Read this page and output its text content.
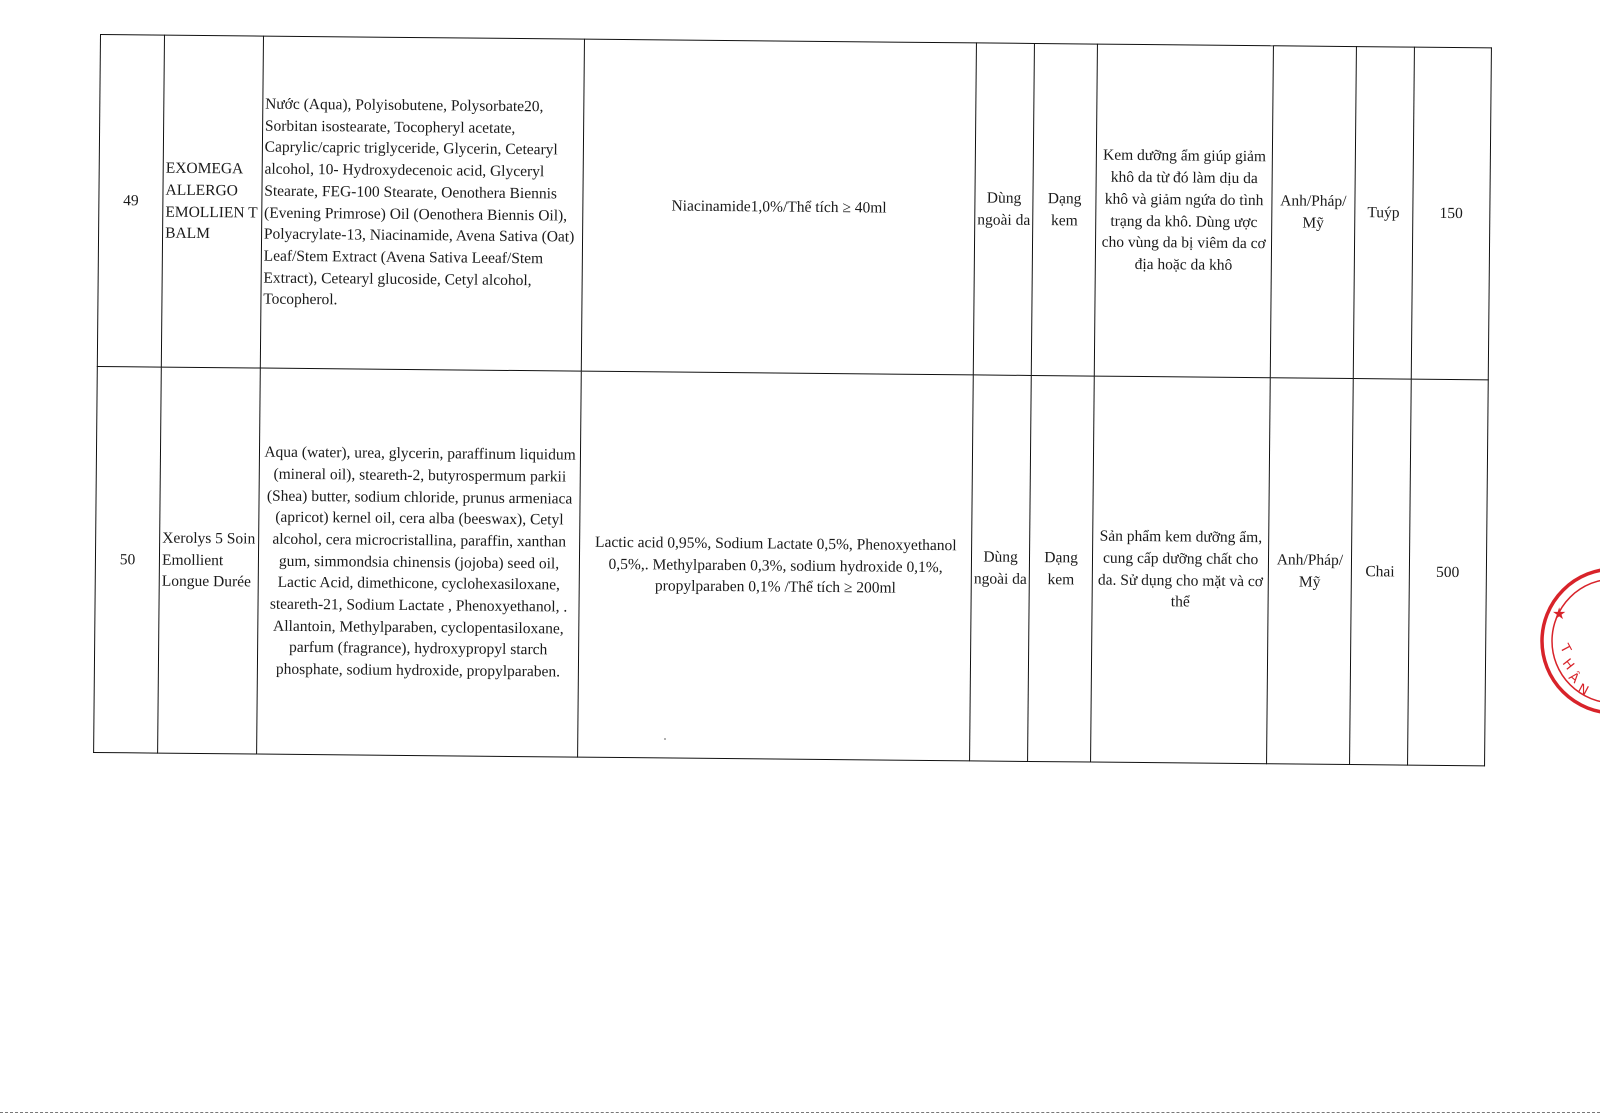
49	EXOMEGA ALLERGO EMOLLIEN T BALM	Nước (Aqua), Polyisobutene, Polysorbate20, Sorbitan isostearate, Tocopheryl acetate, Caprylic/capric triglyceride, Glycerin, Cetearyl alcohol, 10- Hydroxydecenoic acid, Glyceryl Stearate, FEG-100 Stearate, Oenothera Biennis (Evening Primrose) Oil (Oenothera Biennis Oil), Polyacrylate-13, Niacinamide, Avena Sativa (Oat) Leaf/Stem Extract (Avena Sativa Leeaf/Stem Extract), Cetearyl glucoside, Cetyl alcohol, Tocopherol.	Niacinamide1,0%/Thể tích ≥ 40ml	Dùng ngoài da	Dạng kem	Kem dưỡng ẩm giúp giảm khô da từ đó làm dịu da khô và giảm ngứa do tình trạng da khô. Dùng ược cho vùng da bị viêm da cơ địa hoặc da khô	Anh/Pháp/ Mỹ	Tuýp	150
50	Xerolys 5 Soin Emollient Longue Durée	Aqua (water), urea, glycerin, paraffinum liquidum (mineral oil), steareth-2, butyrospermum parkii (Shea) butter, sodium chloride, prunus armeniaca (apricot) kernel oil, cera alba (beeswax), Cetyl alcohol, cera microcristallina, paraffin, xanthan gum, simmondsia chinensis (jojoba) seed oil, Lactic Acid, dimethicone, cyclohexasiloxane, steareth-21, Sodium Lactate , Phenoxyethanol, . Allantoin, Methylparaben, cyclopentasiloxane, parfum (fragrance), hydroxypropyl starch phosphate, sodium hydroxide, propylparaben.	Lactic acid 0,95%, Sodium Lactate 0,5%, Phenoxyethanol 0,5%,. Methylparaben 0,3%, sodium hydroxide 0,1%, propylparaben 0,1% /Thể tích ≥ 200ml	Dùng ngoài da	Dạng kem	Sản phẩm kem dưỡng ẩm, cung cấp dưỡng chất cho da. Sử dụng cho mặt và cơ thể	Anh/Pháp/ Mỹ	Chai	500
★
T
H
Â
N
